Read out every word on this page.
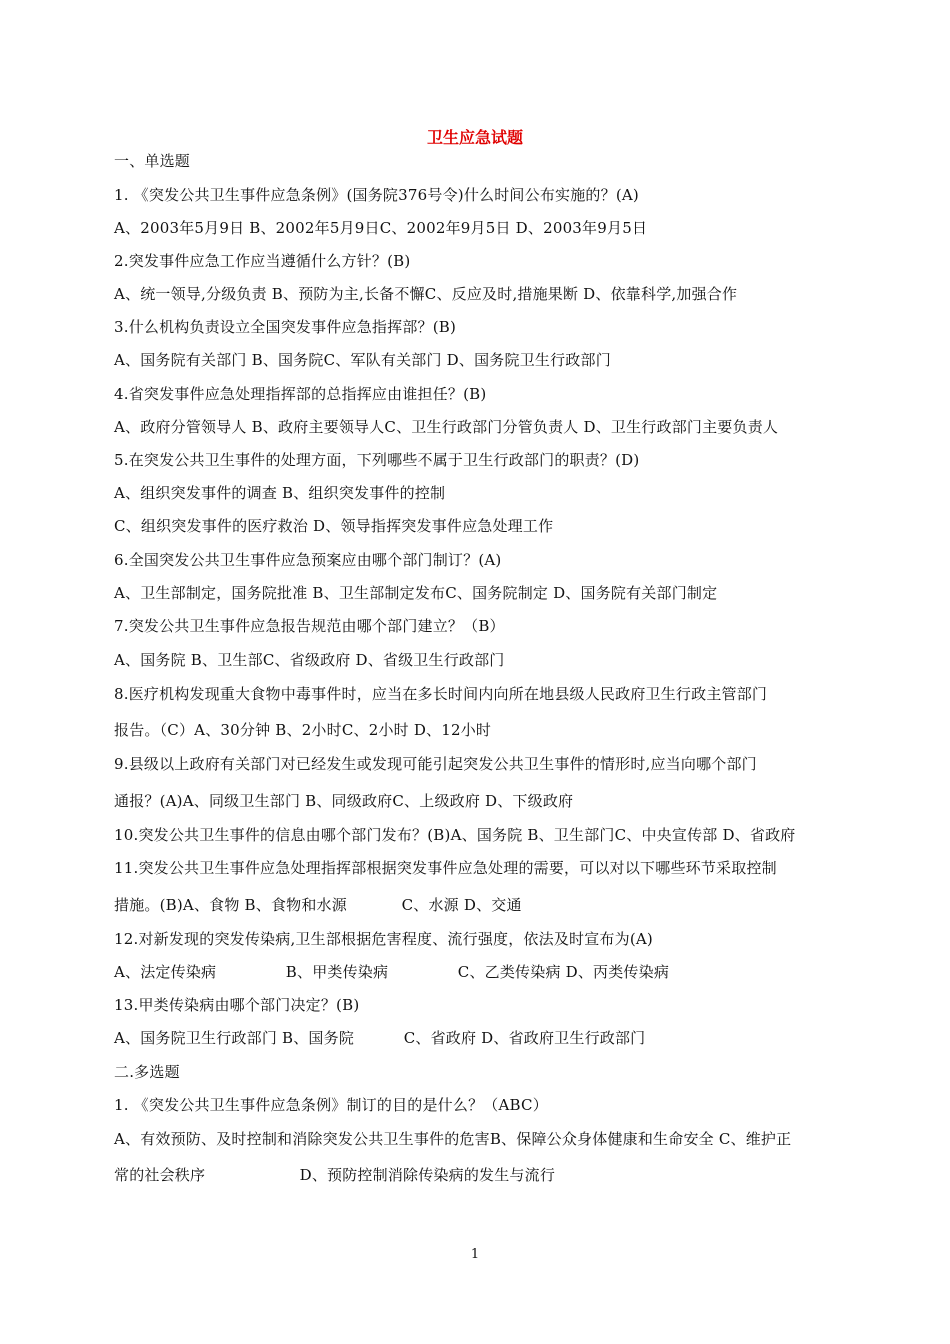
卫生应急试题
一、单选题
1. 《突发公共卫生事件应急条例》(国务院376号令)什么时间公布实施的？(A)
A、2003年5月9日 B、2002年5月9日C、2002年9月5日 D、2003年9月5日
2.突发事件应急工作应当遵循什么方针？(B)
A、统一领导,分级负责 B、预防为主,长备不懈C、反应及时,措施果断 D、依靠科学,加强合作
3.什么机构负责设立全国突发事件应急指挥部？(B)
A、国务院有关部门 B、国务院C、军队有关部门 D、国务院卫生行政部门
4.省突发事件应急处理指挥部的总指挥应由谁担任？(B)
A、政府分管领导人 B、政府主要领导人C、卫生行政部门分管负责人 D、卫生行政部门主要负责人
5.在突发公共卫生事件的处理方面，下列哪些不属于卫生行政部门的职责？(D)
A、组织突发事件的调查 B、组织突发事件的控制
C、组织突发事件的医疗救治 D、领导指挥突发事件应急处理工作
6.全国突发公共卫生事件应急预案应由哪个部门制订？(A)
A、卫生部制定，国务院批准 B、卫生部制定发布C、国务院制定 D、国务院有关部门制定
7.突发公共卫生事件应急报告规范由哪个部门建立？（B）
A、国务院 B、卫生部C、省级政府 D、省级卫生行政部门
8.医疗机构发现重大食物中毒事件时，应当在多长时间内向所在地县级人民政府卫生行政主管部门
报告。（C）A、30分钟 B、2小时C、2小时 D、12小时
9.县级以上政府有关部门对已经发生或发现可能引起突发公共卫生事件的情形时,应当向哪个部门
通报？(A)A、同级卫生部门 B、同级政府C、上级政府 D、下级政府
10.突发公共卫生事件的信息由哪个部门发布？(B)A、国务院 B、卫生部门C、中央宣传部 D、省政府
11.突发公共卫生事件应急处理指挥部根据突发事件应急处理的需要，可以对以下哪些环节采取控制
措施。(B)A、食物 B、食物和水源           C、水源 D、交通
12.对新发现的突发传染病,卫生部根据危害程度、流行强度，依法及时宣布为(A)
A、法定传染病              B、甲类传染病              C、乙类传染病 D、丙类传染病
13.甲类传染病由哪个部门决定？(B)
A、国务院卫生行政部门 B、国务院          C、省政府 D、省政府卫生行政部门
二.多选题
1. 《突发公共卫生事件应急条例》制订的目的是什么？（ABC）
A、有效预防、及时控制和消除突发公共卫生事件的危害B、保障公众身体健康和生命安全 C、维护正
常的社会秩序                   D、预防控制消除传染病的发生与流行
1
